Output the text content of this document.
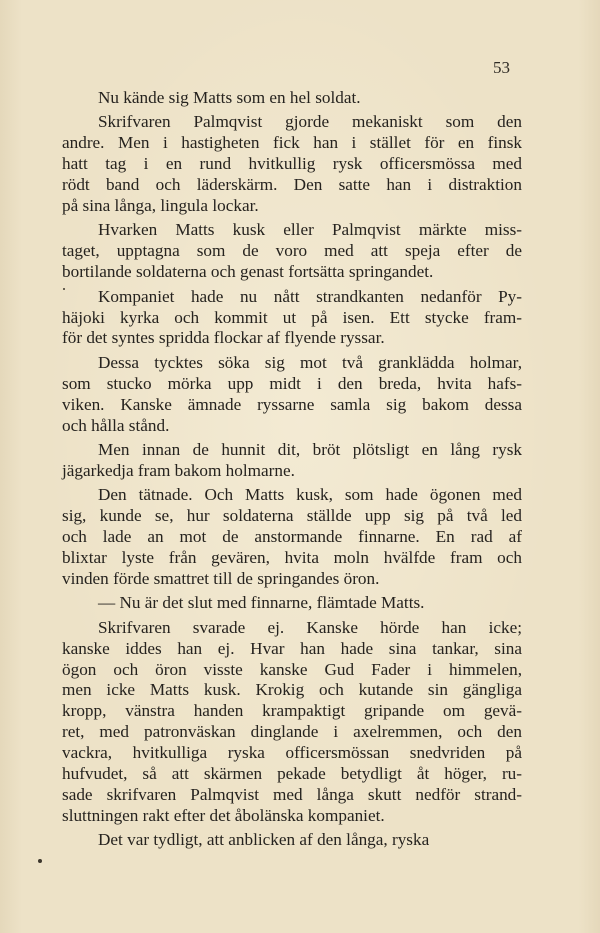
53
Nu kände sig Matts som en hel soldat.
Skrifvaren Palmqvist gjorde mekaniskt som den
andre. Men i hastigheten fick han i stället för en finsk
hatt tag i en rund hvitkullig rysk officersmössa med
rödt band och läderskärm. Den satte han i distraktion
på sina långa, lingula lockar.
Hvarken Matts kusk eller Palmqvist märkte miss-
taget, upptagna som de voro med att speja efter de
bortilande soldaterna och genast fortsätta springandet.
Kompaniet hade nu nått strandkanten nedanför Py-
häjoki kyrka och kommit ut på isen. Ett stycke fram-
för det syntes spridda flockar af flyende ryssar.
Dessa tycktes söka sig mot två granklädda holmar,
som stucko mörka upp midt i den breda, hvita hafs-
viken. Kanske ämnade ryssarne samla sig bakom dessa
och hålla stånd.
Men innan de hunnit dit, bröt plötsligt en lång rysk
jägarkedja fram bakom holmarne.
Den tätnade. Och Matts kusk, som hade ögonen med
sig, kunde se, hur soldaterna ställde upp sig på två led
och lade an mot de anstormande finnarne. En rad af
blixtar lyste från gevären, hvita moln hvälfde fram och
vinden förde smattret till de springandes öron.
— Nu är det slut med finnarne, flämtade Matts.
Skrifvaren svarade ej. Kanske hörde han icke;
kanske iddes han ej. Hvar han hade sina tankar, sina
ögon och öron visste kanske Gud Fader i himmelen,
men icke Matts kusk. Krokig och kutande sin gängliga
kropp, vänstra handen krampaktigt gripande om gevä-
ret, med patronväskan dinglande i axelremmen, och den
vackra, hvitkulliga ryska officersmössan snedvriden på
hufvudet, så att skärmen pekade betydligt åt höger, ru-
sade skrifvaren Palmqvist med långa skutt nedför strand-
sluttningen rakt efter det åbolänska kompaniet.
Det var tydligt, att anblicken af den långa, ryska
